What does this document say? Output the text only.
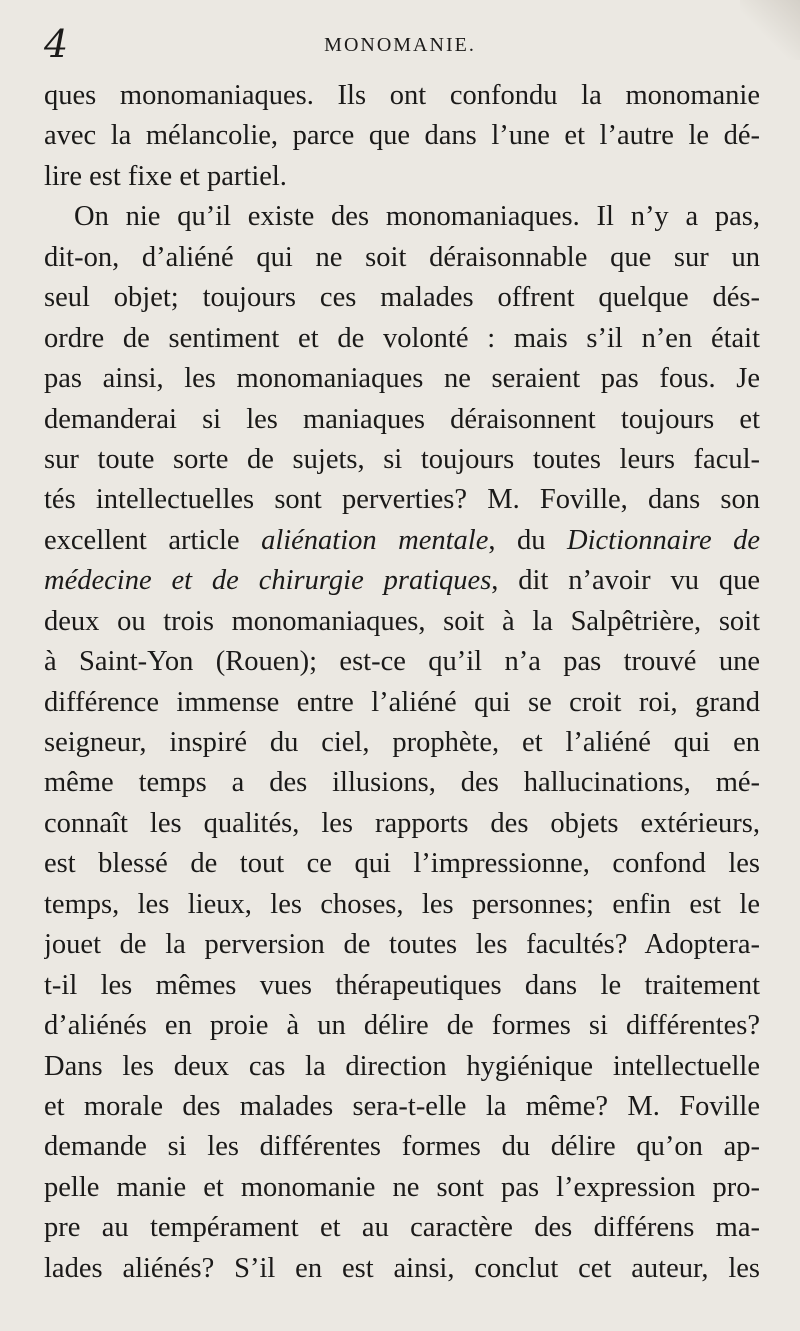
4	MONOMANIE.
ques monomaniaques. Ils ont confondu la monomanie
avec la mélancolie, parce que dans l’une et l’autre le dé-
lire est fixe et partiel.
On nie qu’il existe des monomaniaques. Il n’y a pas,
dit-on, d’aliéné qui ne soit déraisonnable que sur un
seul objet; toujours ces malades offrent quelque dés-
ordre de sentiment et de volonté : mais s’il n’en était
pas ainsi, les monomaniaques ne seraient pas fous. Je
demanderai si les maniaques déraisonnent toujours et
sur toute sorte de sujets, si toujours toutes leurs facul-
tés intellectuelles sont perverties? M. Foville, dans son
excellent article aliénation mentale, du Dictionnaire de
médecine et de chirurgie pratiques, dit n’avoir vu que
deux ou trois monomaniaques, soit à la Salpêtrière, soit
à Saint-Yon (Rouen); est-ce qu’il n’a pas trouvé une
différence immense entre l’aliéné qui se croit roi, grand
seigneur, inspiré du ciel, prophète, et l’aliéné qui en
même temps a des illusions, des hallucinations, mé-
connaît les qualités, les rapports des objets extérieurs,
est blessé de tout ce qui l’impressionne, confond les
temps, les lieux, les choses, les personnes; enfin est le
jouet de la perversion de toutes les facultés? Adoptera-
t-il les mêmes vues thérapeutiques dans le traitement
d’aliénés en proie à un délire de formes si différentes?
Dans les deux cas la direction hygiénique intellectuelle
et morale des malades sera-t-elle la même? M. Foville
demande si les différentes formes du délire qu’on ap-
pelle manie et monomanie ne sont pas l’expression pro-
pre au tempérament et au caractère des différens ma-
lades aliénés? S’il en est ainsi, conclut cet auteur, les
